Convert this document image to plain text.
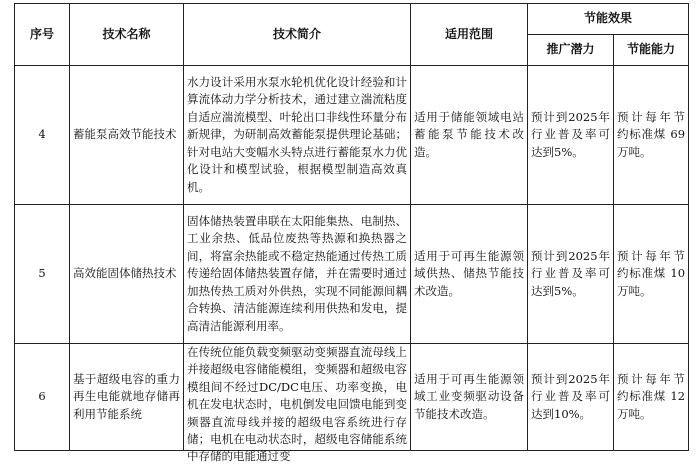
序号	技术名称	技术简介	适用范围	节能效果	
				推广潜力	节能能力
4	蓄能泵高效节能技术	水力设计采用水泵水轮机优化设计经验和计算流体动力学分析技术，通过建立湍流粘度自适应湍流模型、叶轮出口非线性环量分布新规律，为研制高效蓄能泵提供理论基础；针对电站大变幅水头特点进行蓄能泵水力优化设计和模型试验，根据模型制造高效真机。	适用于储能领域电站蓄能泵节能技术改造。	预计到2025年行业普及率可达到5%。	预计每年节约标准煤 69 万吨。
5	高效能固体储热技术	固体储热装置串联在太阳能集热、电制热、工业余热、低品位废热等热源和换热器之间，将富余热能或不稳定热能通过传热工质传递给固体储热装置存储，并在需要时通过加热传热工质对外供热，实现不同能源间耦合转换、清洁能源连续利用供热和发电，提高清洁能源利用率。	适用于可再生能源领域供热、储热节能技术改造。	预计到2025年行业普及率可达到5%。	预计每年节约标准煤 10 万吨。
6	基于超级电容的重力再生电能就地存储再利用节能系统	在传统位能负载变频驱动变频器直流母线上并接超级电容储能模组，变频器和超级电容模组间不经过DC/DC电压、功率变换，电机在发电状态时，电机倒发电回馈电能到变频器直流母线并接的超级电容系统进行存储；电机在电动状态时，超级电容储能系统中存储的电能通过变	适用于可再生能源领域工业变频驱动设备节能技术改造。	预计到2025年行业普及率可达到10%。	预计每年节约标准煤 12 万吨。
